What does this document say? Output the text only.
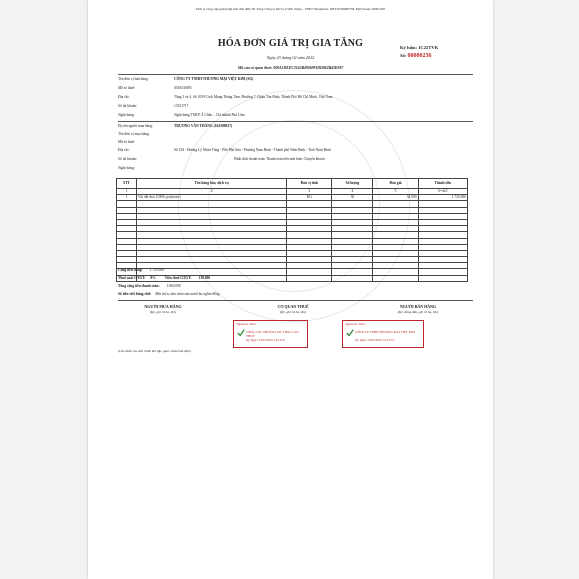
Đơn vị cung cấp giải pháp hóa đơn điện tử: Tổng Công ty Dịch vụ Viễn thông - VNPT Vinaphone, MST:0106869738, Điện thoại:18001260
HÓA ĐƠN GIÁ TRỊ GIA TĂNG
Ngày 23 tháng 02 năm 2022
Mã của cơ quan thuế: 000A1DEEC2162B4906991DD862B43D387
Ký hiệu: 1C22TVK
Số: 00000236
Tên đơn vị bán hàng:	CÔNG TY TNHH THƯƠNG MẠI VIỆT KIM (SG)
Mã số thuế:	0316330491
Địa chỉ:	Tầng 3 và 4, Số 1039 Cách Mạng Tháng Tám, Phường 7, Quận Tân Bình, Thành Phố Hồ Chí Minh, Việt Nam
Số tài khoản:	13331717
Ngân hàng:	Ngân hàng TMCP Á Châu – Chi nhánh Phú Lâm
Họ tên người mua hàng:	TRƯƠNG VĂN THẮNG (164389027)
Tên đơn vị mua hàng:
Mã số thuế:
Địa chỉ:	Số 194 - Đường Lý Nhân Tông - Phố Phú Sơn - Phường Nam Bình - Thành phố Ninh Bình - Tỉnh Ninh Bình
Số tài khoản:	Hình thức thanh toán: Thanh toán tiền mặt hoặc Chuyển khoản
Ngân hàng:
STT	Tên hàng hóa, dịch vụ	Đơn vị tính	Số lượng	Đơn giá	Thành tiền
1	2	3	4	5	6=4x5
1	Vải dệt thoi (100% polyester)	KG	50	34.500	1.725.000

Cộng tiền hàng: 1.725.000
Thuế suất GTGT: 8% Tiền thuế GTGT: 138.000
Tổng cộng tiền thanh toán: 1.863.000
Số tiền viết bằng chữ: Một triệu, tám trăm sáu mươi ba nghìn đồng
NGƯỜI MUA HÀNG
(Ký, ghi rõ họ, tên)
CƠ QUAN THUẾ
(Ký, ghi rõ họ, tên)
NGƯỜI BÁN HÀNG
(Ký, đóng dấu, ghi rõ họ, tên)
Signature Valid
TỔNG CỤC THUẾ/Ký bởi: TỔNG CỤC THUẾ
Ký ngày: 23/02/2022 14:13:01
Signature Valid
CÔNG TY TNHH THƯƠNG MẠI VIỆT KIM
Ký ngày: 23/02/2022 14:12:51
(Cần kiểm tra, đối chiếu khi lập, giao, nhận hóa đơn)
